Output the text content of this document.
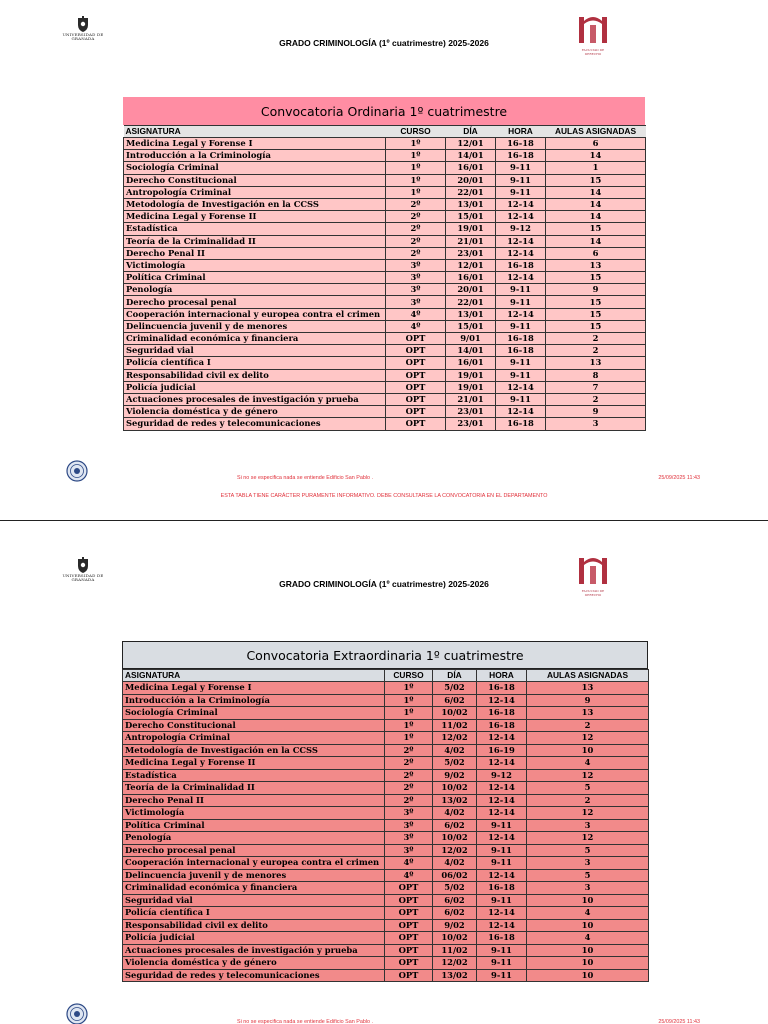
UNIVERSIDAD DE GRANADA	GRADO CRIMINOLOGÍA (1º cuatrimestre) 2025-2026
FACULTAD DE DERECHO
Convocatoria Ordinaria 1º cuatrimestre
ASIGNATURA	CURSO	DÍA	HORA	AULAS ASIGNADAS
Medicina Legal y Forense I	1º	12/01	16-18	6
Introducción a la Criminología	1º	14/01	16-18	14
Sociología Criminal	1º	16/01	9-11	1
Derecho Constitucional	1º	20/01	9-11	15
Antropología Criminal	1º	22/01	9-11	14
Metodología de Investigación en la CCSS	2º	13/01	12-14	14
Medicina Legal y Forense II	2º	15/01	12-14	14
Estadística	2º	19/01	9-12	15
Teoría de la Criminalidad II	2º	21/01	12-14	14
Derecho Penal II	2º	23/01	12-14	6
Victimología	3º	12/01	16-18	13
Política Criminal	3º	16/01	12-14	15
Penología	3º	20/01	9-11	9
Derecho procesal penal	3º	22/01	9-11	15
Cooperación internacional y europea contra el crimen	4º	13/01	12-14	15
Delincuencia juvenil y de menores	4º	15/01	9-11	15
Criminalidad económica y financiera	OPT	9/01	16-18	2
Seguridad vial	OPT	14/01	16-18	2
Policía científica I	OPT	16/01	9-11	13
Responsabilidad civil ex delito	OPT	19/01	9-11	8
Policía judicial	OPT	19/01	12-14	7
Actuaciones procesales de investigación y prueba	OPT	21/01	9-11	2
Violencia doméstica y de género	OPT	23/01	12-14	9
Seguridad de redes y telecomunicaciones	OPT	23/01	16-18	3
Si no se especifica nada se entiende Edificio San Pablo .	25/09/2025 11:43
ESTA TABLA TIENE CARÁCTER PURAMENTE INFORMATIVO. DEBE CONSULTARSE LA CONVOCATORIA EN EL DEPARTAMENTO
UNIVERSIDAD DE GRANADA	GRADO CRIMINOLOGÍA (1º cuatrimestre) 2025-2026
FACULTAD DE DERECHO
Convocatoria Extraordinaria 1º cuatrimestre
ASIGNATURA	CURSO	DÍA	HORA	AULAS ASIGNADAS
Medicina Legal y Forense I	1º	5/02	16-18	13
Introducción a la Criminología	1º	6/02	12-14	9
Sociología Criminal	1º	10/02	16-18	13
Derecho Constitucional	1º	11/02	16-18	2
Antropología Criminal	1º	12/02	12-14	12
Metodología de Investigación en la CCSS	2º	4/02	16-19	10
Medicina Legal y Forense II	2º	5/02	12-14	4
Estadística	2º	9/02	9-12	12
Teoría de la Criminalidad II	2º	10/02	12-14	5
Derecho Penal II	2º	13/02	12-14	2
Victimología	3º	4/02	12-14	12
Política Criminal	3º	6/02	9-11	3
Penología	3º	10/02	12-14	12
Derecho procesal penal	3º	12/02	9-11	5
Cooperación internacional y europea contra el crimen	4º	4/02	9-11	3
Delincuencia juvenil y de menores	4º	06/02	12-14	5
Criminalidad económica y financiera	OPT	5/02	16-18	3
Seguridad vial	OPT	6/02	9-11	10
Policía científica I	OPT	6/02	12-14	4
Responsabilidad civil ex delito	OPT	9/02	12-14	10
Policía judicial	OPT	10/02	16-18	4
Actuaciones procesales de investigación y prueba	OPT	11/02	9-11	10
Violencia doméstica y de género	OPT	12/02	9-11	10
Seguridad de redes y telecomunicaciones	OPT	13/02	9-11	10
Si no se especifica nada se entiende Edificio San Pablo .	25/09/2025 11:43
